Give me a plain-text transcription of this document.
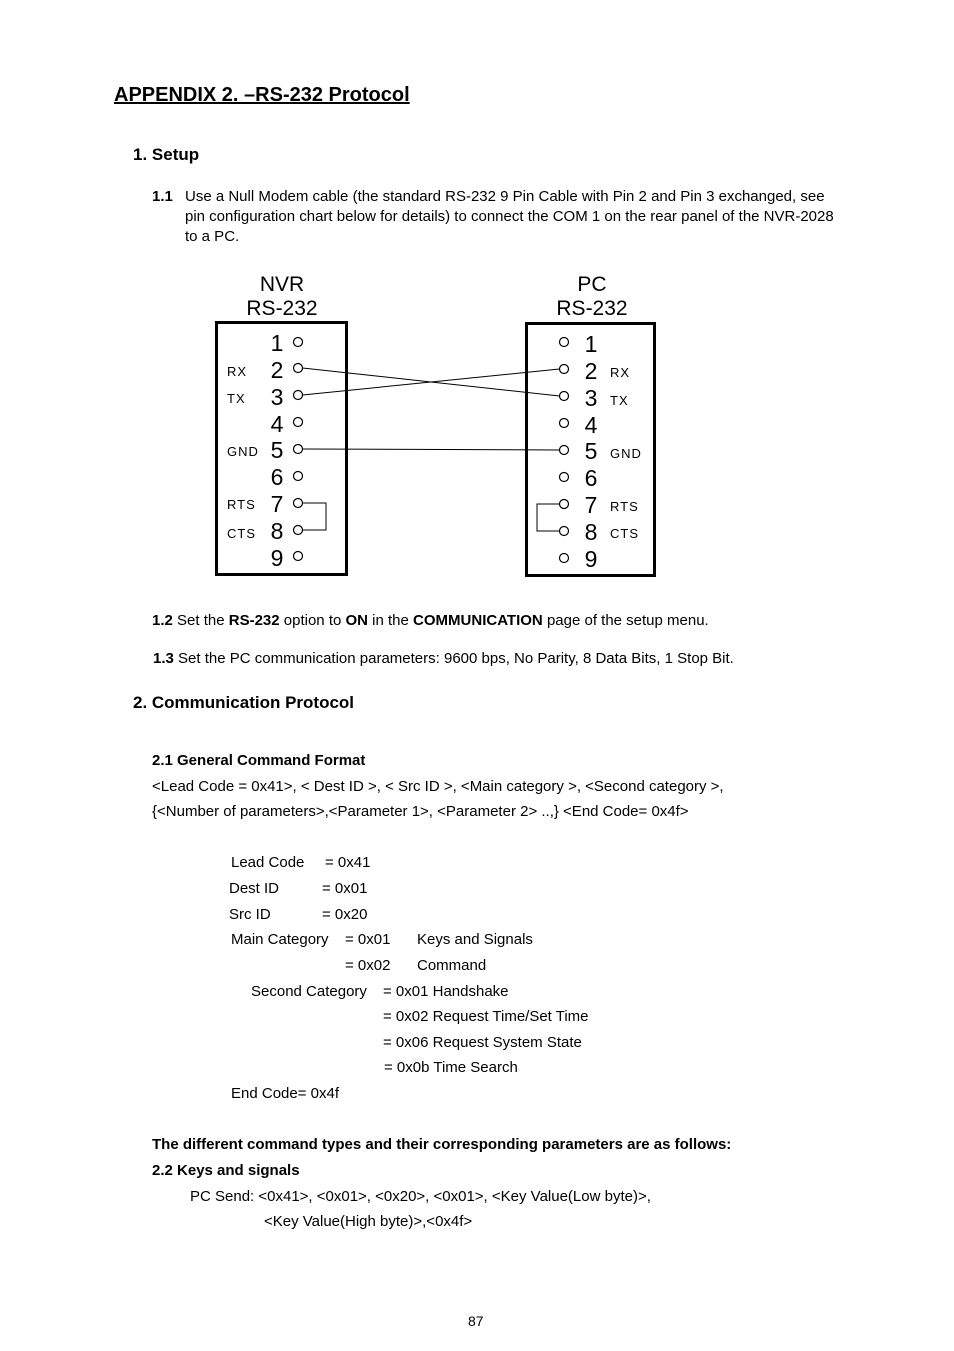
APPENDIX 2. –RS-232 Protocol
1. Setup
1.1 Use a Null Modem cable (the standard RS-232 9 Pin Cable with Pin 2 and Pin 3 exchanged, see pin configuration chart below for details) to connect the COM 1 on the rear panel of the NVR-2028 to a PC.
NVR
RS-232
PC
RS-232
1
2
3
4
5
6
7
8
9
RX
TX
GND
RTS
CTS
1
2
3
4
5
6
7
8
9
RX
TX
GND
RTS
CTS
1.2 Set the RS-232 option to ON in the COMMUNICATION page of the setup menu.
1.3 Set the PC communication parameters: 9600 bps, No Parity, 8 Data Bits, 1 Stop Bit.
2. Communication Protocol
2.1 General Command Format
<Lead Code = 0x41>, < Dest ID >, < Src ID >, <Main category >, <Second category >,
{<Number of parameters>,<Parameter 1>, <Parameter 2> ..,} <End Code= 0x4f>
Lead Code = 0x41
Dest ID	= 0x01
Src ID	= 0x20
Main Category = 0x01 Keys and Signals
= 0x02 Command
Second Category = 0x01 Handshake
= 0x02 Request Time/Set Time
= 0x06 Request System State
= 0x0b Time Search
End Code= 0x4f
The different command types and their corresponding parameters are as follows:
2.2 Keys and signals
PC Send: <0x41>, <0x01>, <0x20>, <0x01>, <Key Value(Low byte)>,
<Key Value(High byte)>,<0x4f>
87
